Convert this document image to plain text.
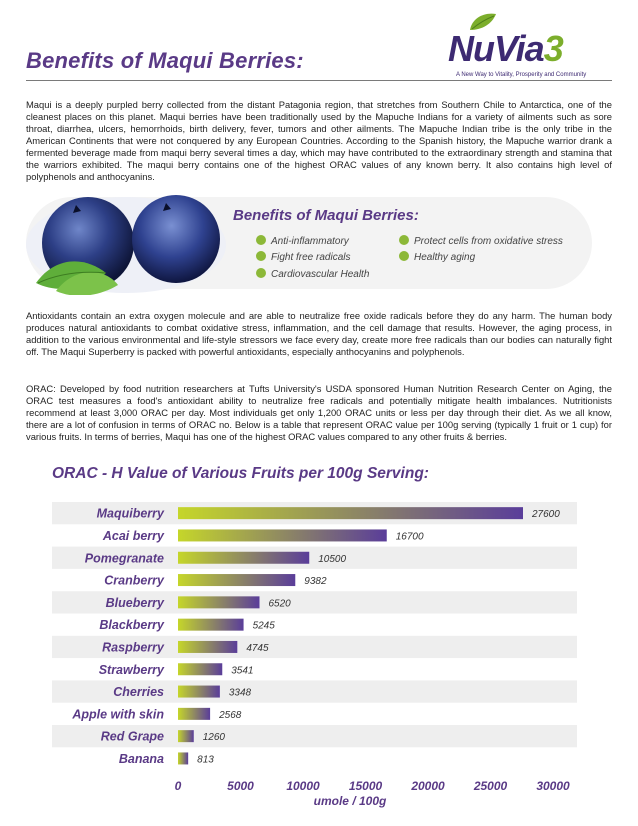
NuVia3
A New Way to Vitality, Prosperity and Community
Benefits of Maqui Berries:

Maqui is a deeply purpled berry collected from the distant Patagonia region, that stretches from Southern Chile to Antarctica, one of the cleanest places on this planet. Maqui berries have been traditionally used by the Mapuche Indians for a variety of ailments such as sore throat, diarrhea, ulcers, hemorrhoids, birth delivery, fever, tumors and other ailments. The Mapuche Indian tribe is the only tribe in the American Continents that were not conquered by any European Countries. According to the Spanish history, the Mapuche warrior drank a fermented beverage made from maqui berry several times a day, which may have contributed to the extraordinary strength and stamina that the warriors exhibited. The maqui berry contains one of the highest ORAC values of any known berry. It also contains high level of polyphenols and anthocyanins.

Benefits of Maqui Berries:
Anti-inflammatory
Fight free radicals
Cardiovascular Health
Protect cells from oxidative stress
Healthy aging

Antioxidants contain an extra oxygen molecule and are able to neutralize free oxide radicals before they do any harm. The human body produces natural antioxidants to combat oxidative stress, inflammation, and the cell damage that results. However, the aging process, in addition to the various environmental and life-style stressors we face every day, create more free radicals than our bodies can naturally fight off. The Maqui Superberry is packed with powerful antioxidants, especially anthocyanins and polyphenols.

ORAC: Developed by food nutrition researchers at Tufts University's USDA sponsored Human Nutrition Research Center on Aging, the ORAC test measures a food's antioxidant ability to neutralize free radicals and potentially mitigate health imbalances. Nutritionists recommend at least 3,000 ORAC per day. Most individuals get only 1,200 ORAC units or less per day through their diet. As we all know, there are a lot of confusion in terms of ORAC no. Below is a table that represent ORAC value per 100g serving (typically 1 fruit or 1 cup) for various fruits. In terms of berries, Maqui has one of the highest ORAC values compared to any other fruits & berries.

ORAC - H Value of Various Fruits per 100g Serving:
Maquiberry
Acai berry
Pomegranate
Cranberry
Blueberry
Blackberry
Raspberry
Strawberry
Cherries
Apple with skin
Red Grape
Banana
27600
16700
10500
9382
6520
5245
4745
3541
3348
2568
1260
813
0	5000	10000 15000 20000 25000 30000
umole / 100g
